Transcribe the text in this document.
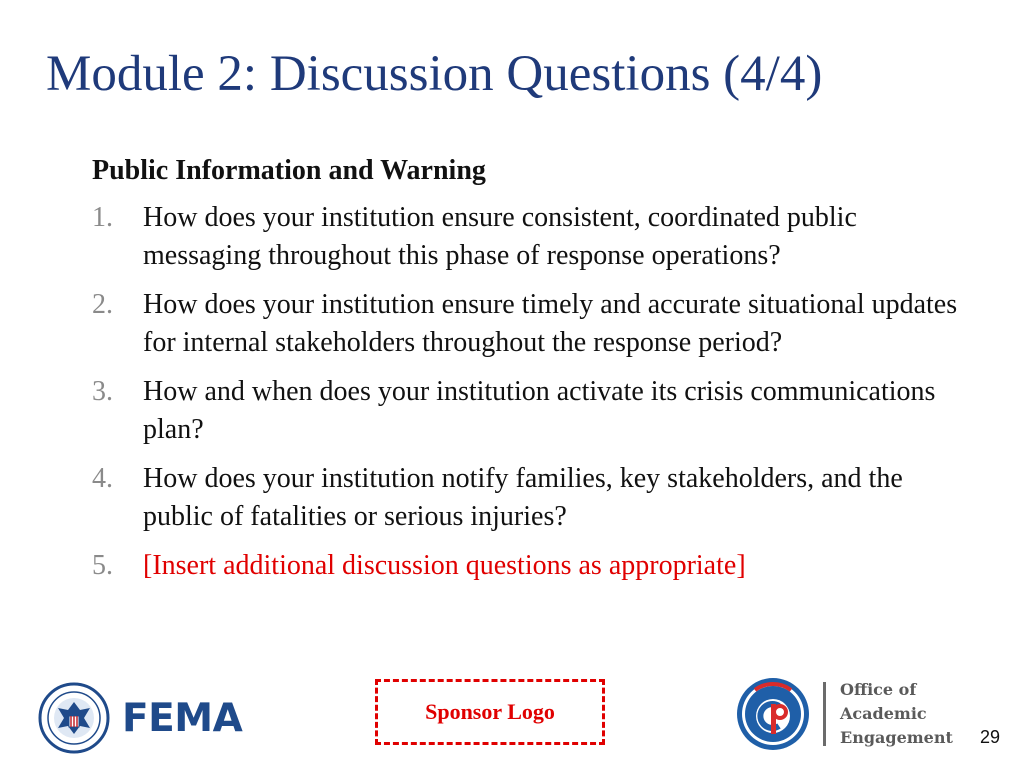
Module 2: Discussion Questions (4/4)
Public Information and Warning
1.	How does your institution ensure consistent, coordinated public messaging throughout this phase of response operations?
2.	How does your institution ensure timely and accurate situational updates for internal stakeholders throughout the response period?
3.	How and when does your institution activate its crisis communications plan?
4.	How does your institution notify families, key stakeholders, and the public of fatalities or serious injuries?
5.	[Insert additional discussion questions as appropriate]
FEMA	Sponsor Logo
Office of
Academic
Engagement 29
